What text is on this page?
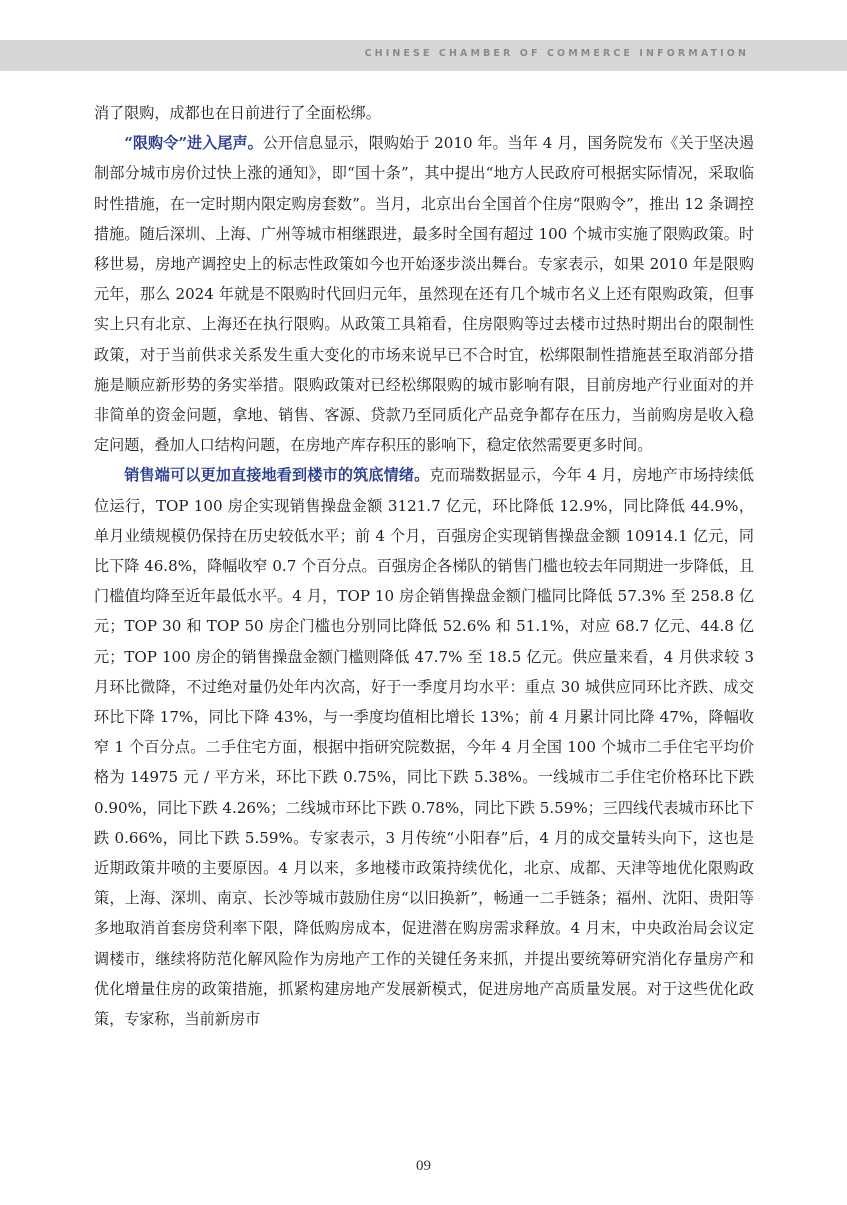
CHINESE CHAMBER OF COMMERCE INFORMATION

消了限购，成都也在日前进行了全面松绑。

“限购令”进入尾声。公开信息显示，限购始于 2010 年。当年 4 月，国务院发布《关于坚决遏制部分城市房价过快上涨的通知》，即“国十条”，其中提出“地方人民政府可根据实际情况，采取临时性措施，在一定时期内限定购房套数”。当月，北京出台全国首个住房“限购令”，推出 12 条调控措施。随后深圳、上海、广州等城市相继跟进，最多时全国有超过 100 个城市实施了限购政策。时移世易，房地产调控史上的标志性政策如今也开始逐步淡出舞台。专家表示，如果 2010 年是限购元年，那么 2024 年就是不限购时代回归元年，虽然现在还有几个城市名义上还有限购政策，但事实上只有北京、上海还在执行限购。从政策工具箱看，住房限购等过去楼市过热时期出台的限制性政策，对于当前供求关系发生重大变化的市场来说早已不合时宜，松绑限制性措施甚至取消部分措施是顺应新形势的务实举措。限购政策对已经松绑限购的城市影响有限，目前房地产行业面对的并非简单的资金问题，拿地、销售、客源、贷款乃至同质化产品竞争都存在压力，当前购房是收入稳定问题，叠加人口结构问题，在房地产库存积压的影响下，稳定依然需要更多时间。

销售端可以更加直接地看到楼市的筑底情绪。克而瑞数据显示，今年 4 月，房地产市场持续低位运行，TOP 100 房企实现销售操盘金额 3121.7 亿元，环比降低 12.9%，同比降低 44.9%，单月业绩规模仍保持在历史较低水平；前 4 个月，百强房企实现销售操盘金额 10914.1 亿元，同比下降 46.8%，降幅收窄 0.7 个百分点。百强房企各梯队的销售门槛也较去年同期进一步降低，且门槛值均降至近年最低水平。4 月，TOP 10 房企销售操盘金额门槛同比降低 57.3% 至 258.8 亿元；TOP 30 和 TOP 50 房企门槛也分别同比降低 52.6% 和 51.1%，对应 68.7 亿元、44.8 亿元；TOP 100 房企的销售操盘金额门槛则降低 47.7% 至 18.5 亿元。供应量来看，4 月供求较 3 月环比微降，不过绝对量仍处年内次高，好于一季度月均水平：重点 30 城供应同环比齐跌、成交环比下降 17%，同比下降 43%，与一季度均值相比增长 13%；前 4 月累计同比降 47%，降幅收窄 1 个百分点。二手住宅方面，根据中指研究院数据，今年 4 月全国 100 个城市二手住宅平均价格为 14975 元 / 平方米，环比下跌 0.75%，同比下跌 5.38%。一线城市二手住宅价格环比下跌 0.90%，同比下跌 4.26%；二线城市环比下跌 0.78%，同比下跌 5.59%；三四线代表城市环比下跌 0.66%，同比下跌 5.59%。专家表示，3 月传统“小阳春”后，4 月的成交量转头向下，这也是近期政策井喷的主要原因。4 月以来，多地楼市政策持续优化，北京、成都、天津等地优化限购政策，上海、深圳、南京、长沙等城市鼓励住房“以旧换新”，畅通一二手链条；福州、沈阳、贵阳等多地取消首套房贷利率下限，降低购房成本，促进潜在购房需求释放。4 月末，中央政治局会议定调楼市，继续将防范化解风险作为房地产工作的关键任务来抓，并提出要统筹研究消化存量房产和优化增量住房的政策措施，抓紧构建房地产发展新模式，促进房地产高质量发展。对于这些优化政策，专家称，当前新房市

09
